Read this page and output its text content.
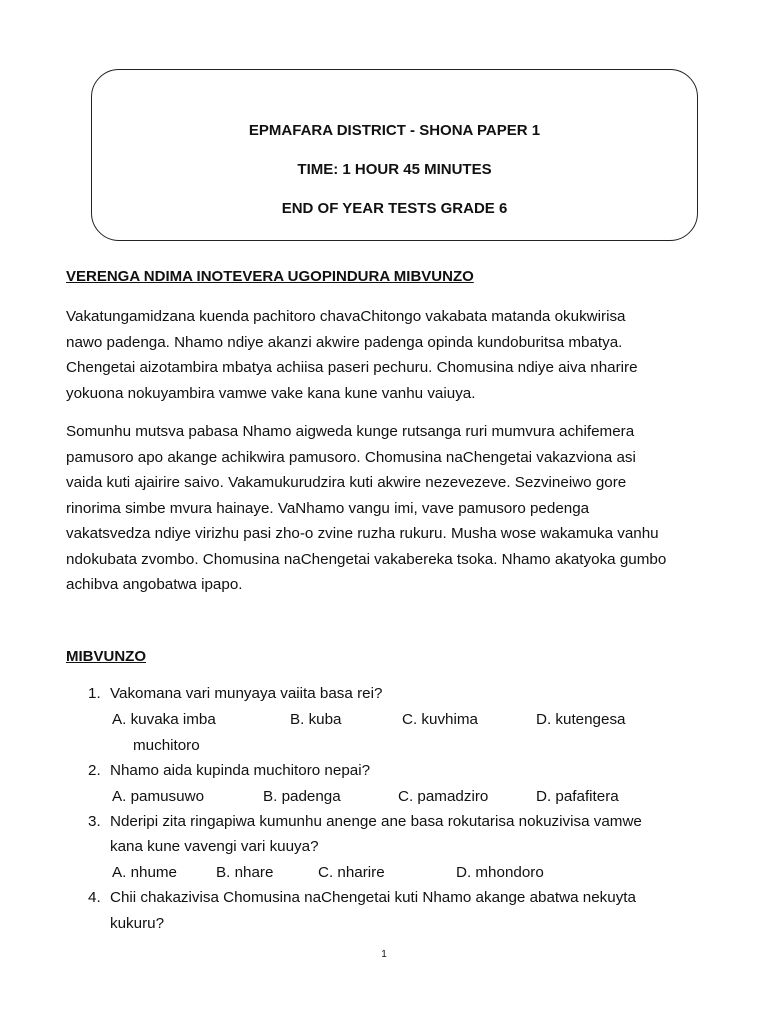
EPMAFARA DISTRICT - SHONA PAPER 1
TIME: 1 HOUR 45 MINUTES
END OF YEAR TESTS GRADE 6
VERENGA NDIMA INOTEVERA UGOPINDURA MIBVUNZO
Vakatungamidzana kuenda pachitoro chavaChitongo vakabata matanda okukwirisa
nawo padenga. Nhamo ndiye akanzi akwire padenga opinda kundoburitsa mbatya.
Chengetai aizotambira mbatya achiisa paseri pechuru. Chomusina ndiye aiva nharire
yokuona nokuyambira vamwe vake kana kune vanhu vaiuya.
Somunhu mutsva pabasa Nhamo aigweda kunge rutsanga ruri mumvura achifemera
pamusoro apo akange achikwira pamusoro. Chomusina naChengetai vakazviona asi
vaida kuti ajairire saivo. Vakamukurudzira kuti akwire nezevezeve. Sezvineiwo gore
rinorima simbe mvura hainaye. VaNhamo vangu imi, vave pamusoro pedenga
vakatsvedza ndiye virizhu pasi zho-o zvine ruzha rukuru. Musha wose wakamuka vanhu
ndokubata zvombo. Chomusina naChengetai vakabereka tsoka. Nhamo akatyoka gumbo
achibva angobatwa ipapo.
MIBVUNZO
1. Vakomana vari munyaya vaiita basa rei?
A. kuvaka imba	B. kuba	C. kuvhima	D. kutengesa
muchitoro
2. Nhamo aida kupinda muchitoro nepai?
A. pamusuwo	B. padenga	C. pamadziro	D. pafafitera
3. Nderipi zita ringapiwa kumunhu anenge ane basa rokutarisa nokuzivisa vamwe
kana kune vavengi vari kuuya?
A. nhume	B. nhare	C. nharire	D. mhondoro
4. Chii chakazivisa Chomusina naChengetai kuti Nhamo akange abatwa nekuyta
kukuru?
1
